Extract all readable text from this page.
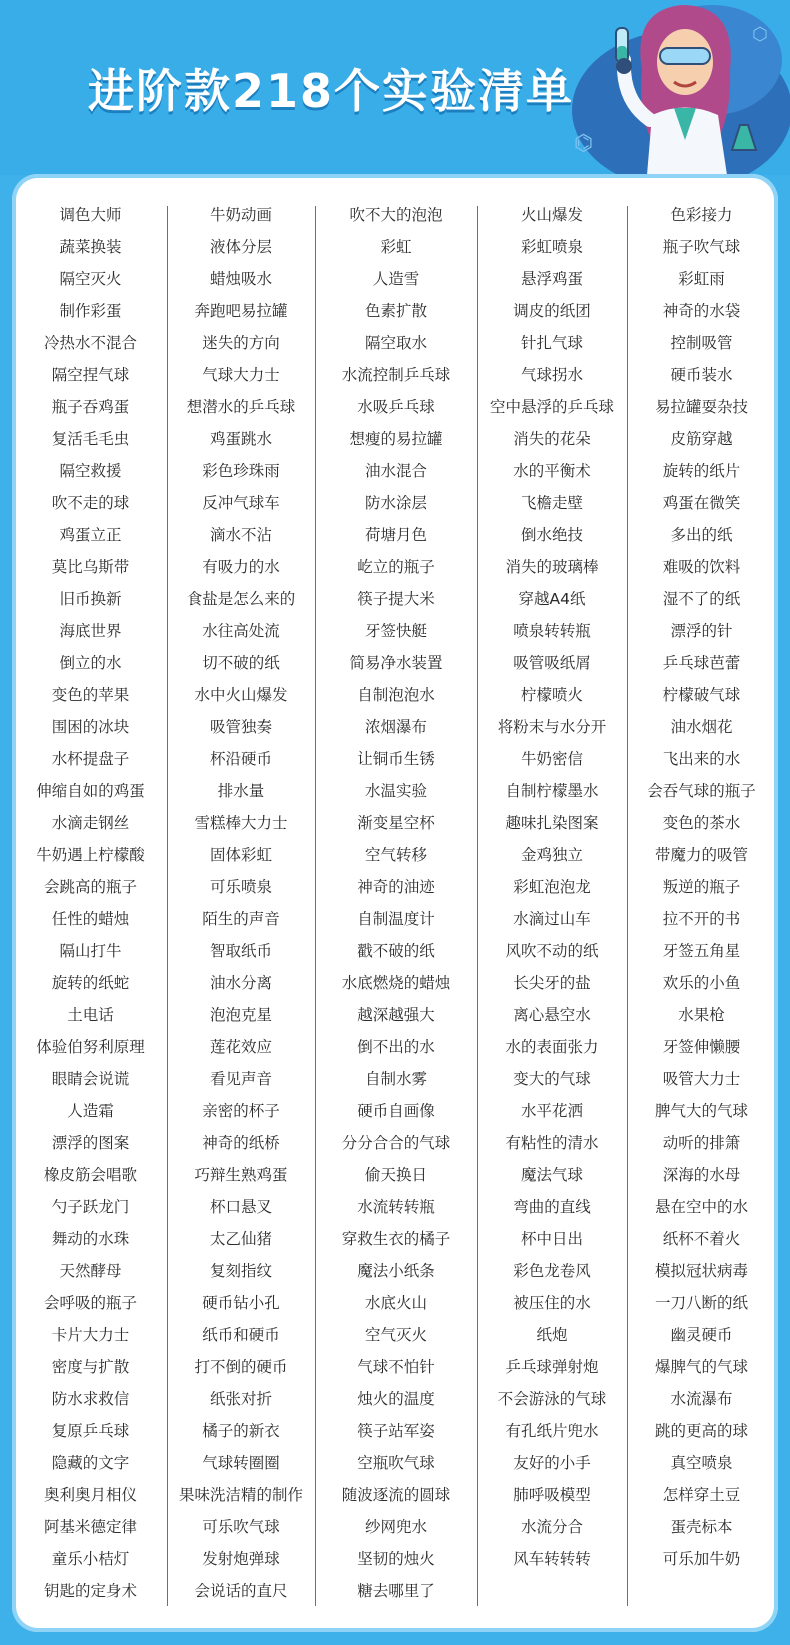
进阶款218个实验清单
⌬
⬡
调色大师
蔬菜换装
隔空灭火
制作彩蛋
冷热水不混合
隔空捏气球
瓶子吞鸡蛋
复活毛毛虫
隔空救援
吹不走的球
鸡蛋立正
莫比乌斯带
旧币换新
海底世界
倒立的水
变色的苹果
围困的冰块
水杯提盘子
伸缩自如的鸡蛋
水滴走钢丝
牛奶遇上柠檬酸
会跳高的瓶子
任性的蜡烛
隔山打牛
旋转的纸蛇
土电话
体验伯努利原理
眼睛会说谎
人造霜
漂浮的图案
橡皮筋会唱歌
勺子跃龙门
舞动的水珠
天然酵母
会呼吸的瓶子
卡片大力士
密度与扩散
防水求救信
复原乒乓球
隐藏的文字
奥利奥月相仪
阿基米德定律
童乐小桔灯
钥匙的定身术
牛奶动画
液体分层
蜡烛吸水
奔跑吧易拉罐
迷失的方向
气球大力士
想潜水的乒乓球
鸡蛋跳水
彩色珍珠雨
反冲气球车
滴水不沾
有吸力的水
食盐是怎么来的
水往高处流
切不破的纸
水中火山爆发
吸管独奏
杯沿硬币
排水量
雪糕棒大力士
固体彩虹
可乐喷泉
陌生的声音
智取纸币
油水分离
泡泡克星
莲花效应
看见声音
亲密的杯子
神奇的纸桥
巧辩生熟鸡蛋
杯口悬叉
太乙仙猪
复刻指纹
硬币钻小孔
纸币和硬币
打不倒的硬币
纸张对折
橘子的新衣
气球转圈圈
果味洗洁精的制作
可乐吹气球
发射炮弹球
会说话的直尺
吹不大的泡泡
彩虹
人造雪
色素扩散
隔空取水
水流控制乒乓球
水吸乒乓球
想瘦的易拉罐
油水混合
防水涂层
荷塘月色
屹立的瓶子
筷子提大米
牙签快艇
简易净水装置
自制泡泡水
浓烟瀑布
让铜币生锈
水温实验
渐变星空杯
空气转移
神奇的油迹
自制温度计
戳不破的纸
水底燃烧的蜡烛
越深越强大
倒不出的水
自制水雾
硬币自画像
分分合合的气球
偷天换日
水流转转瓶
穿救生衣的橘子
魔法小纸条
水底火山
空气灭火
气球不怕针
烛火的温度
筷子站军姿
空瓶吹气球
随波逐流的圆球
纱网兜水
坚韧的烛火
糖去哪里了
火山爆发
彩虹喷泉
悬浮鸡蛋
调皮的纸团
针扎气球
气球拐水
空中悬浮的乒乓球
消失的花朵
水的平衡术
飞檐走壁
倒水绝技
消失的玻璃棒
穿越A4纸
喷泉转转瓶
吸管吸纸屑
柠檬喷火
将粉末与水分开
牛奶密信
自制柠檬墨水
趣味扎染图案
金鸡独立
彩虹泡泡龙
水滴过山车
风吹不动的纸
长尖牙的盐
离心悬空水
水的表面张力
变大的气球
水平花洒
有粘性的清水
魔法气球
弯曲的直线
杯中日出
彩色龙卷风
被压住的水
纸炮
乒乓球弹射炮
不会游泳的气球
有孔纸片兜水
友好的小手
肺呼吸模型
水流分合
风车转转转
色彩接力
瓶子吹气球
彩虹雨
神奇的水袋
控制吸管
硬币装水
易拉罐耍杂技
皮筋穿越
旋转的纸片
鸡蛋在微笑
多出的纸
难吸的饮料
湿不了的纸
漂浮的针
乒乓球芭蕾
柠檬破气球
油水烟花
飞出来的水
会吞气球的瓶子
变色的茶水
带魔力的吸管
叛逆的瓶子
拉不开的书
牙签五角星
欢乐的小鱼
水果枪
牙签伸懒腰
吸管大力士
脾气大的气球
动听的排箫
深海的水母
悬在空中的水
纸杯不着火
模拟冠状病毒
一刀八断的纸
幽灵硬币
爆脾气的气球
水流瀑布
跳的更高的球
真空喷泉
怎样穿土豆
蛋壳标本
可乐加牛奶
